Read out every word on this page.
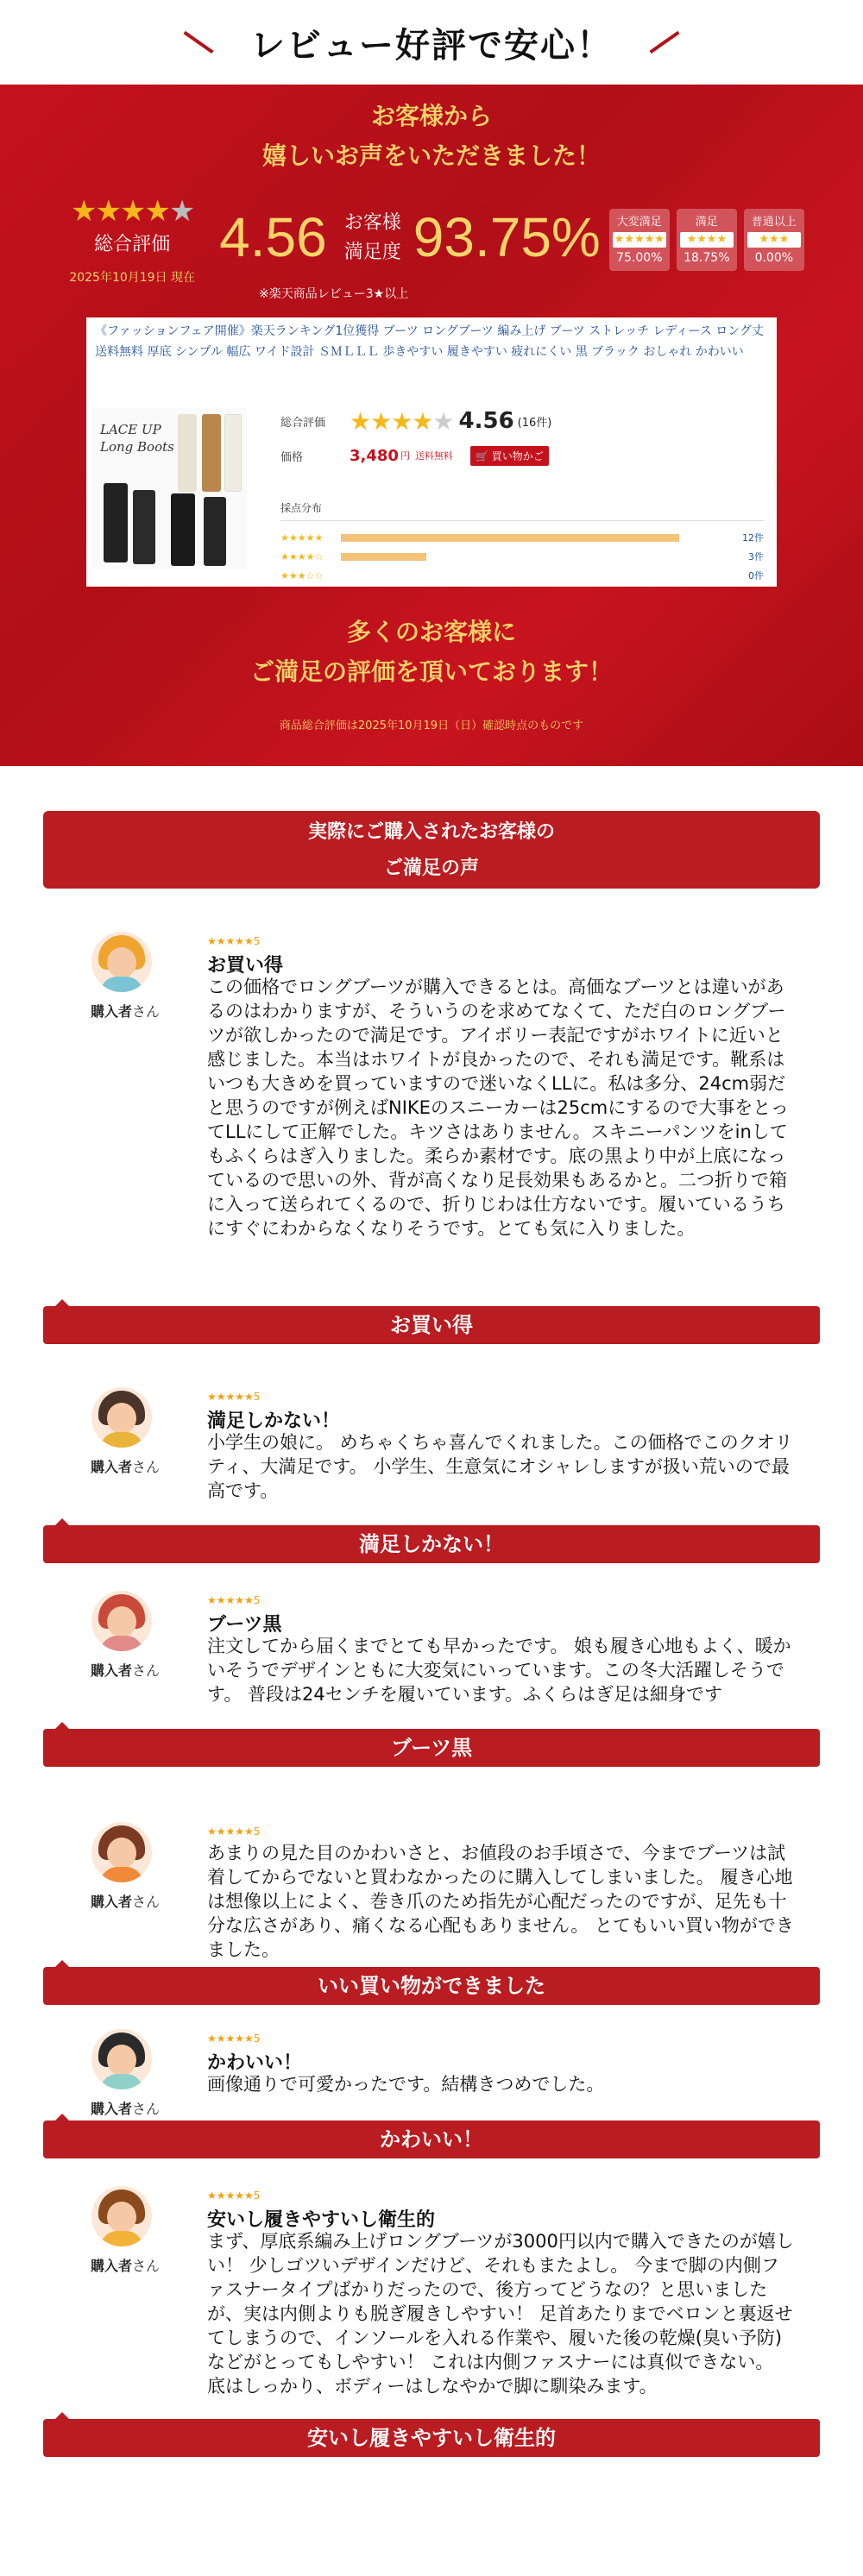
レビュー好評で安心！
お客様から
嬉しいお声をいただきました！
★★★★★
総合評価
2025年10月19日 現在
4.56 お客様
満足度 93.75%	大変満足
★★★★★
75.00%
満足
★★★★
18.75%
普通以上
★★★
0.00%
※楽天商品レビュー3★以上
《ファッションフェア開催》楽天ランキング1位獲得 ブーツ ロングブーツ 編み上げ ブーツ ストレッチ レディース ロング丈 送料無料 厚底 シンプル 幅広 ワイド設計 ＳＭＬＬＬ 歩きやすい 履きやすい 疲れにくい 黒 ブラック おしゃれ かわいい
LACE UP
Long Boots
総合評価 ★★★★★ 4.56 (16件)
価格	3,480 円 送料無料	🛒 買い物かご
採点分布
★★★★★	12件
★★★★☆	3件
★★★☆☆	0件
多くのお客様に
ご満足の評価を頂いております！
商品総合評価は2025年10月19日（日）確認時点のものです
実際にご購入されたお客様の
ご満足の声
購入者さん
★★★★★5
お買い得
この価格でロングブーツが購入できるとは。高価なブーツとは違いがあるのはわかりますが、そういうのを求めてなくて、ただ白のロングブーツが欲しかったので満足です。アイボリー表記ですがホワイトに近いと感じました。本当はホワイトが良かったので、それも満足です。靴系はいつも大きめを買っていますので迷いなくLLに。私は多分、24cm弱だと思うのですが例えばNIKEのスニーカーは25cmにするので大事をとってLLにして正解でした。キツさはありません。スキニーパンツをinしてもふくらはぎ入りました。柔らか素材です。底の黒より中が上底になっているので思いの外、背が高くなり足長効果もあるかと。二つ折りで箱に入って送られてくるので、折りじわは仕方ないです。履いているうちにすぐにわからなくなりそうです。とても気に入りました。
お買い得
購入者さん
★★★★★5
満足しかない！
小学生の娘に。 めちゃくちゃ喜んでくれました。この価格でこのクオリティ、大満足です。 小学生、生意気にオシャレしますが扱い荒いので最高です。
満足しかない！
購入者さん
★★★★★5
ブーツ黒
注文してから届くまでとても早かったです。 娘も履き心地もよく、暖かいそうでデザインともに大変気にいっています。この冬大活躍しそうです。 普段は24センチを履いています。ふくらはぎ足は細身です
ブーツ黒
購入者さん
★★★★★5
あまりの見た目のかわいさと、お値段のお手頃さで、今までブーツは試着してからでないと買わなかったのに購入してしまいました。 履き心地は想像以上によく、巻き爪のため指先が心配だったのですが、足先も十分な広さがあり、痛くなる心配もありません。 とてもいい買い物ができました。
いい買い物ができました
購入者さん
★★★★★5
かわいい！
画像通りで可愛かったです。結構きつめでした。
かわいい！
購入者さん
★★★★★5
安いし履きやすいし衛生的
まず、厚底系編み上げロングブーツが3000円以内で購入できたのが嬉しい！ 少しゴツいデザインだけど、それもまたよし。 今まで脚の内側ファスナータイプばかりだったので、後方ってどうなの？と思いましたが、実は内側よりも脱ぎ履きしやすい！ 足首あたりまでベロンと裏返せてしまうので、インソールを入れる作業や、履いた後の乾燥(臭い予防)などがとってもしやすい！ これは内側ファスナーには真似できない。 底はしっかり、ボディーはしなやかで脚に馴染みます。
安いし履きやすいし衛生的
